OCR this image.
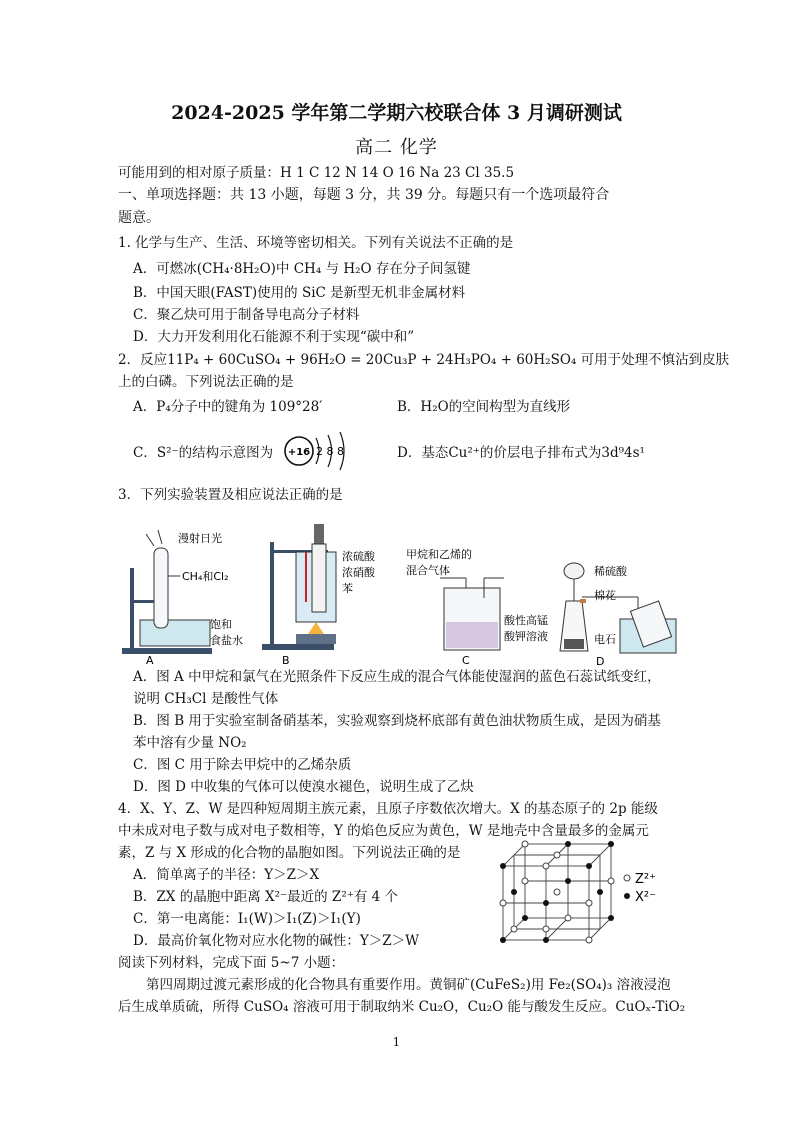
2024-2025 学年第二学期六校联合体 3 月调研测试
高二 化学
可能用到的相对原子质量：H 1 C 12 N 14 O 16 Na 23 Cl 35.5
一、单项选择题：共 13 小题，每题 3 分，共 39 分。每题只有一个选项最符合
题意。
1. 化学与生产、生活、环境等密切相关。下列有关说法不正确的是
A．可燃冰(CH₄·8H₂O)中 CH₄ 与 H₂O 存在分子间氢键
B．中国天眼(FAST)使用的 SiC 是新型无机非金属材料
C．聚乙炔可用于制备导电高分子材料
D．大力开发利用化石能源不利于实现“碳中和”
2．反应11P₄ + 60CuSO₄ + 96H₂O = 20Cu₃P + 24H₃PO₄ + 60H₂SO₄ 可用于处理不慎沾到皮肤
上的白磷。下列说法正确的是
A．P₄分子中的键角为 109°28′	B．H₂O的空间构型为直线形
C．S²⁻的结构示意图为 +16 2 8 8	D．基态Cu²⁺的价层电子排布式为3d⁹4s¹
3．下列实验装置及相应说法正确的是
漫射日光
CH₄和Cl₂
饱和
食盐水
A
浓硫酸
浓硝酸
苯
B
甲烷和乙烯的
混合气体
酸性高锰
酸钾溶液
C
稀硫酸
棉花
电石
D
A．图 A 中甲烷和氯气在光照条件下反应生成的混合气体能使湿润的蓝色石蕊试纸变红，
说明 CH₃Cl 是酸性气体
B．图 B 用于实验室制备硝基苯，实验观察到烧杯底部有黄色油状物质生成，是因为硝基
苯中溶有少量 NO₂
C．图 C 用于除去甲烷中的乙烯杂质
D．图 D 中收集的气体可以使溴水褪色，说明生成了乙炔
4．X、Y、Z、W 是四种短周期主族元素，且原子序数依次增大。X 的基态原子的 2p 能级
中未成对电子数与成对电子数相等，Y 的焰色反应为黄色，W 是地壳中含量最多的金属元
素，Z 与 X 形成的化合物的晶胞如图。下列说法正确的是
A．简单离子的半径：Y＞Z＞X
B．ZX 的晶胞中距离 X²⁻最近的 Z²⁺有 4 个
C．第一电离能：I₁(W)＞I₁(Z)＞I₁(Y)
D．最高价氧化物对应水化物的碱性：Y＞Z＞W
Z²⁺
X²⁻
阅读下列材料，完成下面 5~7 小题：
第四周期过渡元素形成的化合物具有重要作用。黄铜矿(CuFeS₂)用 Fe₂(SO₄)₃ 溶液浸泡
后生成单质硫，所得 CuSO₄ 溶液可用于制取纳米 Cu₂O，Cu₂O 能与酸发生反应。CuOₓ-TiO₂
1
